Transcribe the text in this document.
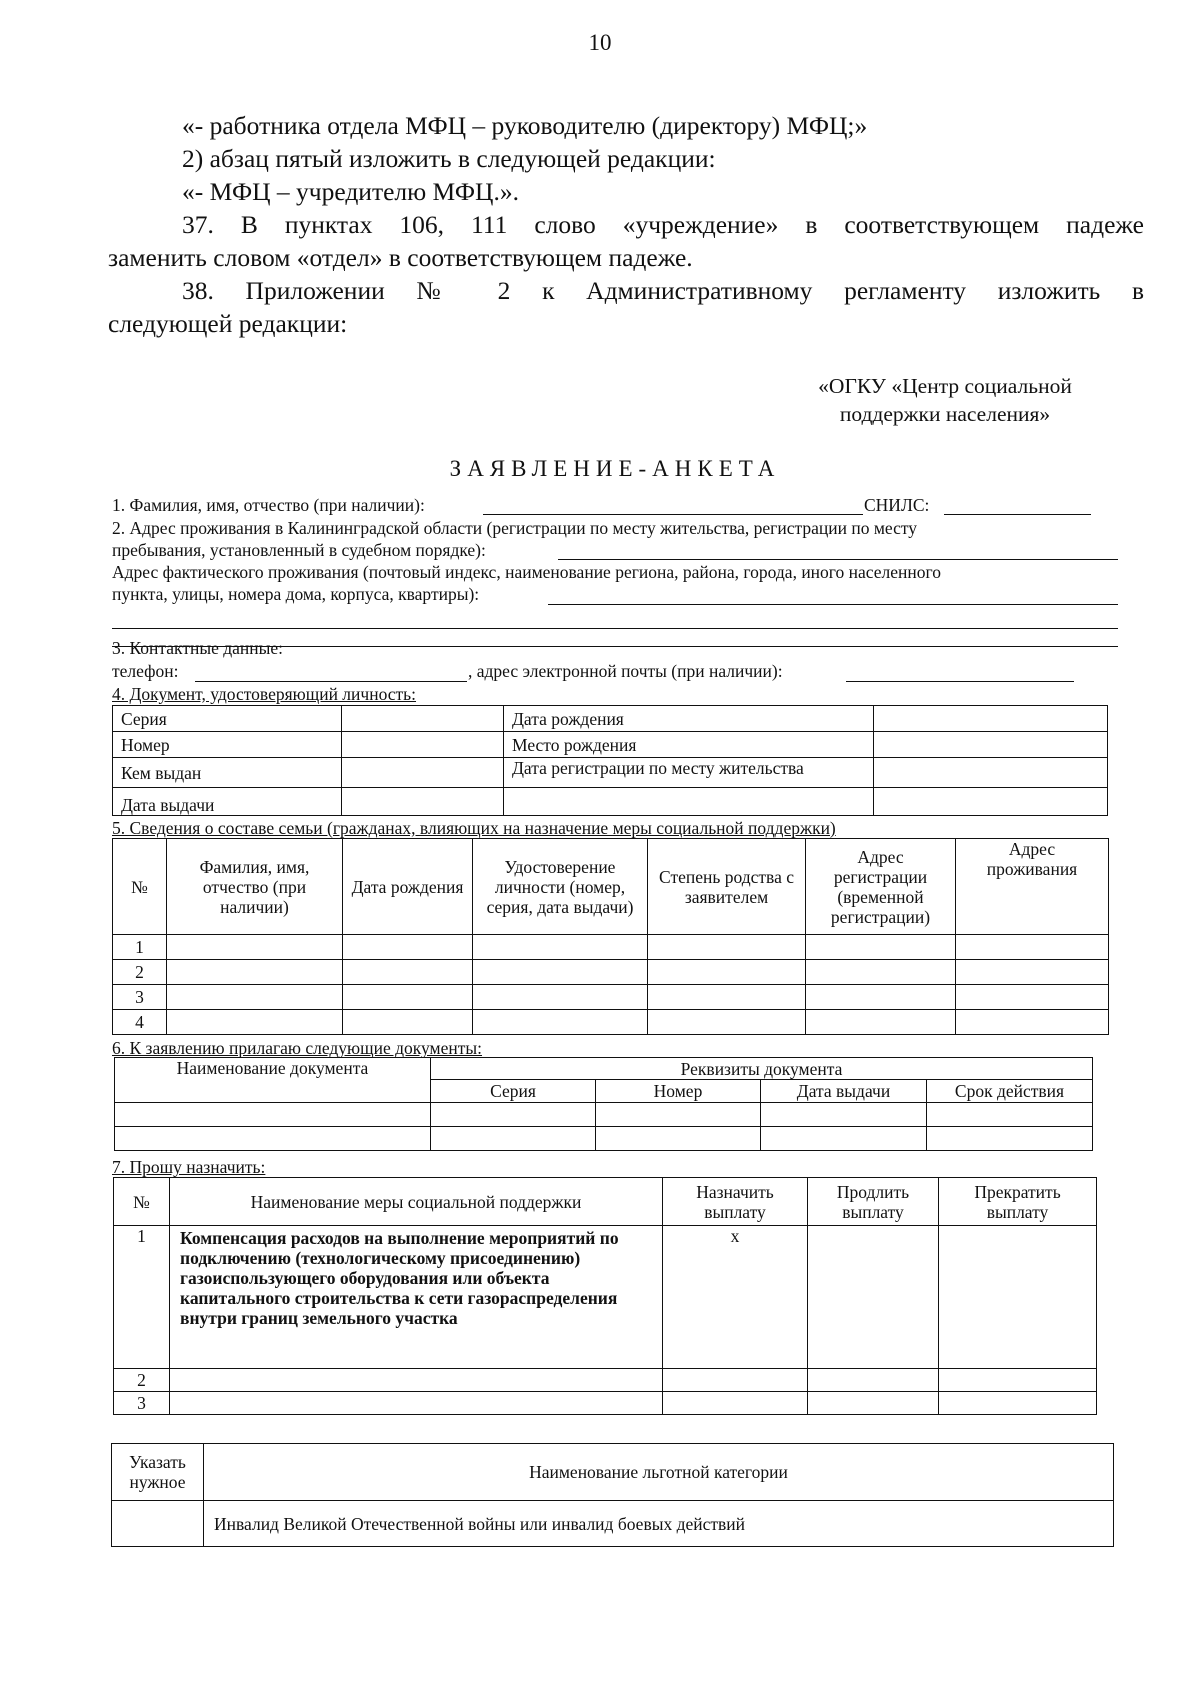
10
«- работника отдела МФЦ – руководителю (директору) МФЦ;»
2) абзац пятый изложить в следующей редакции:
«- МФЦ – учредителю МФЦ.».
37. В пунктах 106, 111 слово «учреждение» в соответствующем падеже
заменить словом «отдел» в соответствующем падеже.
38. Приложении № 2 к Административному регламенту изложить в
следующей редакции:
«ОГКУ «Центр социальной
поддержки населения»
ЗАЯВЛЕНИЕ-АНКЕТА
1. Фамилия, имя, отчество (при наличии):	СНИЛС:
2. Адрес проживания в Калининградской области (регистрации по месту жительства, регистрации по месту
пребывания, установленный в судебном порядке):
Адрес фактического проживания (почтовый индекс, наименование региона, района, города, иного населенного
пункта, улицы, номера дома, корпуса, квартиры):
3. Контактные данные:
телефон:	, адрес электронной почты (при наличии):
4. Документ, удостоверяющий личность:
Серия		Дата рождения	
Номер		Место рождения	
Кем выдан		Дата регистрации по месту жительства	
Дата выдачи			
5. Сведения о составе семьи (гражданах, влияющих на назначение меры социальной поддержки)
№	Фамилия, имя, отчество (при наличии)	Дата рождения	Удостоверение личности (номер, серия, дата выдачи)	Степень родства с заявителем	Адрес регистрации (временной регистрации)	Адрес проживания
1						
2						
3						
4						
6. К заявлению прилагаю следующие документы:
Наименование документа	Реквизиты документа			
	Серия	Номер	Дата выдачи	Срок действия

7. Прошу назначить:
№	Наименование меры социальной поддержки	Назначить выплату	Продлить выплату	Прекратить выплату
1	Компенсация расходов на выполнение мероприятий по подключению (технологическому присоединению) газоиспользующего оборудования или объекта капитального строительства к сети газораспределения внутри границ земельного участка	х		
2				
3				
Указать нужное	Наименование льготной категории
	Инвалид Великой Отечественной войны или инвалид боевых действий
